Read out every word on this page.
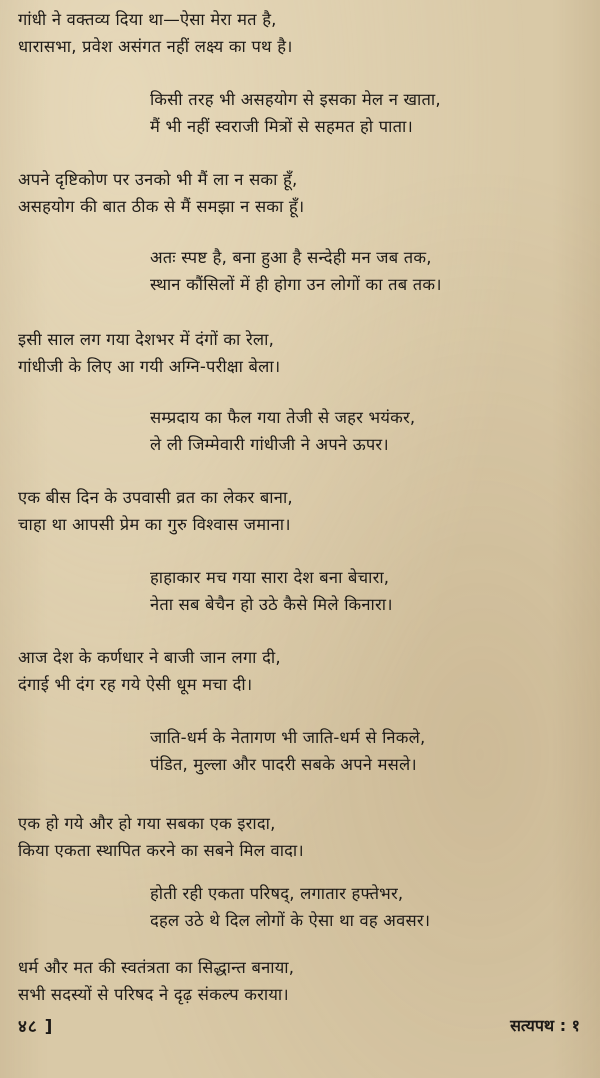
गांधी ने वक्तव्य दिया था—ऐसा मेरा मत है,
धारासभा, प्रवेश असंगत नहीं लक्ष्य का पथ है।
किसी तरह भी असहयोग से इसका मेल न खाता,
मैं भी नहीं स्वराजी मित्रों से सहमत हो पाता।
अपने दृष्टिकोण पर उनको भी मैं ला न सका हूँ,
असहयोग की बात ठीक से मैं समझा न सका हूँ।
अतः स्पष्ट है, बना हुआ है सन्देही मन जब तक,
स्थान कौंसिलों में ही होगा उन लोगों का तब तक।
इसी साल लग गया देशभर में दंगों का रेला,
गांधीजी के लिए आ गयी अग्नि-परीक्षा बेला।
सम्प्रदाय का फैल गया तेजी से जहर भयंकर,
ले ली जिम्मेवारी गांधीजी ने अपने ऊपर।
एक बीस दिन के उपवासी व्रत का लेकर बाना,
चाहा था आपसी प्रेम का गुरु विश्वास जमाना।
हाहाकार मच गया सारा देश बना बेचारा,
नेता सब बेचैन हो उठे कैसे मिले किनारा।
आज देश के कर्णधार ने बाजी जान लगा दी,
दंगाई भी दंग रह गये ऐसी धूम मचा दी।
जाति-धर्म के नेतागण भी जाति-धर्म से निकले,
पंडित, मुल्ला और पादरी सबके अपने मसले।
एक हो गये और हो गया सबका एक इरादा,
किया एकता स्थापित करने का सबने मिल वादा।
होती रही एकता परिषद्, लगातार हफ्तेभर,
दहल उठे थे दिल लोगों के ऐसा था वह अवसर।
धर्म और मत की स्वतंत्रता का सिद्धान्त बनाया,
सभी सदस्यों से परिषद ने दृढ़ संकल्प कराया।
४८ ]	सत्यपथ : १
